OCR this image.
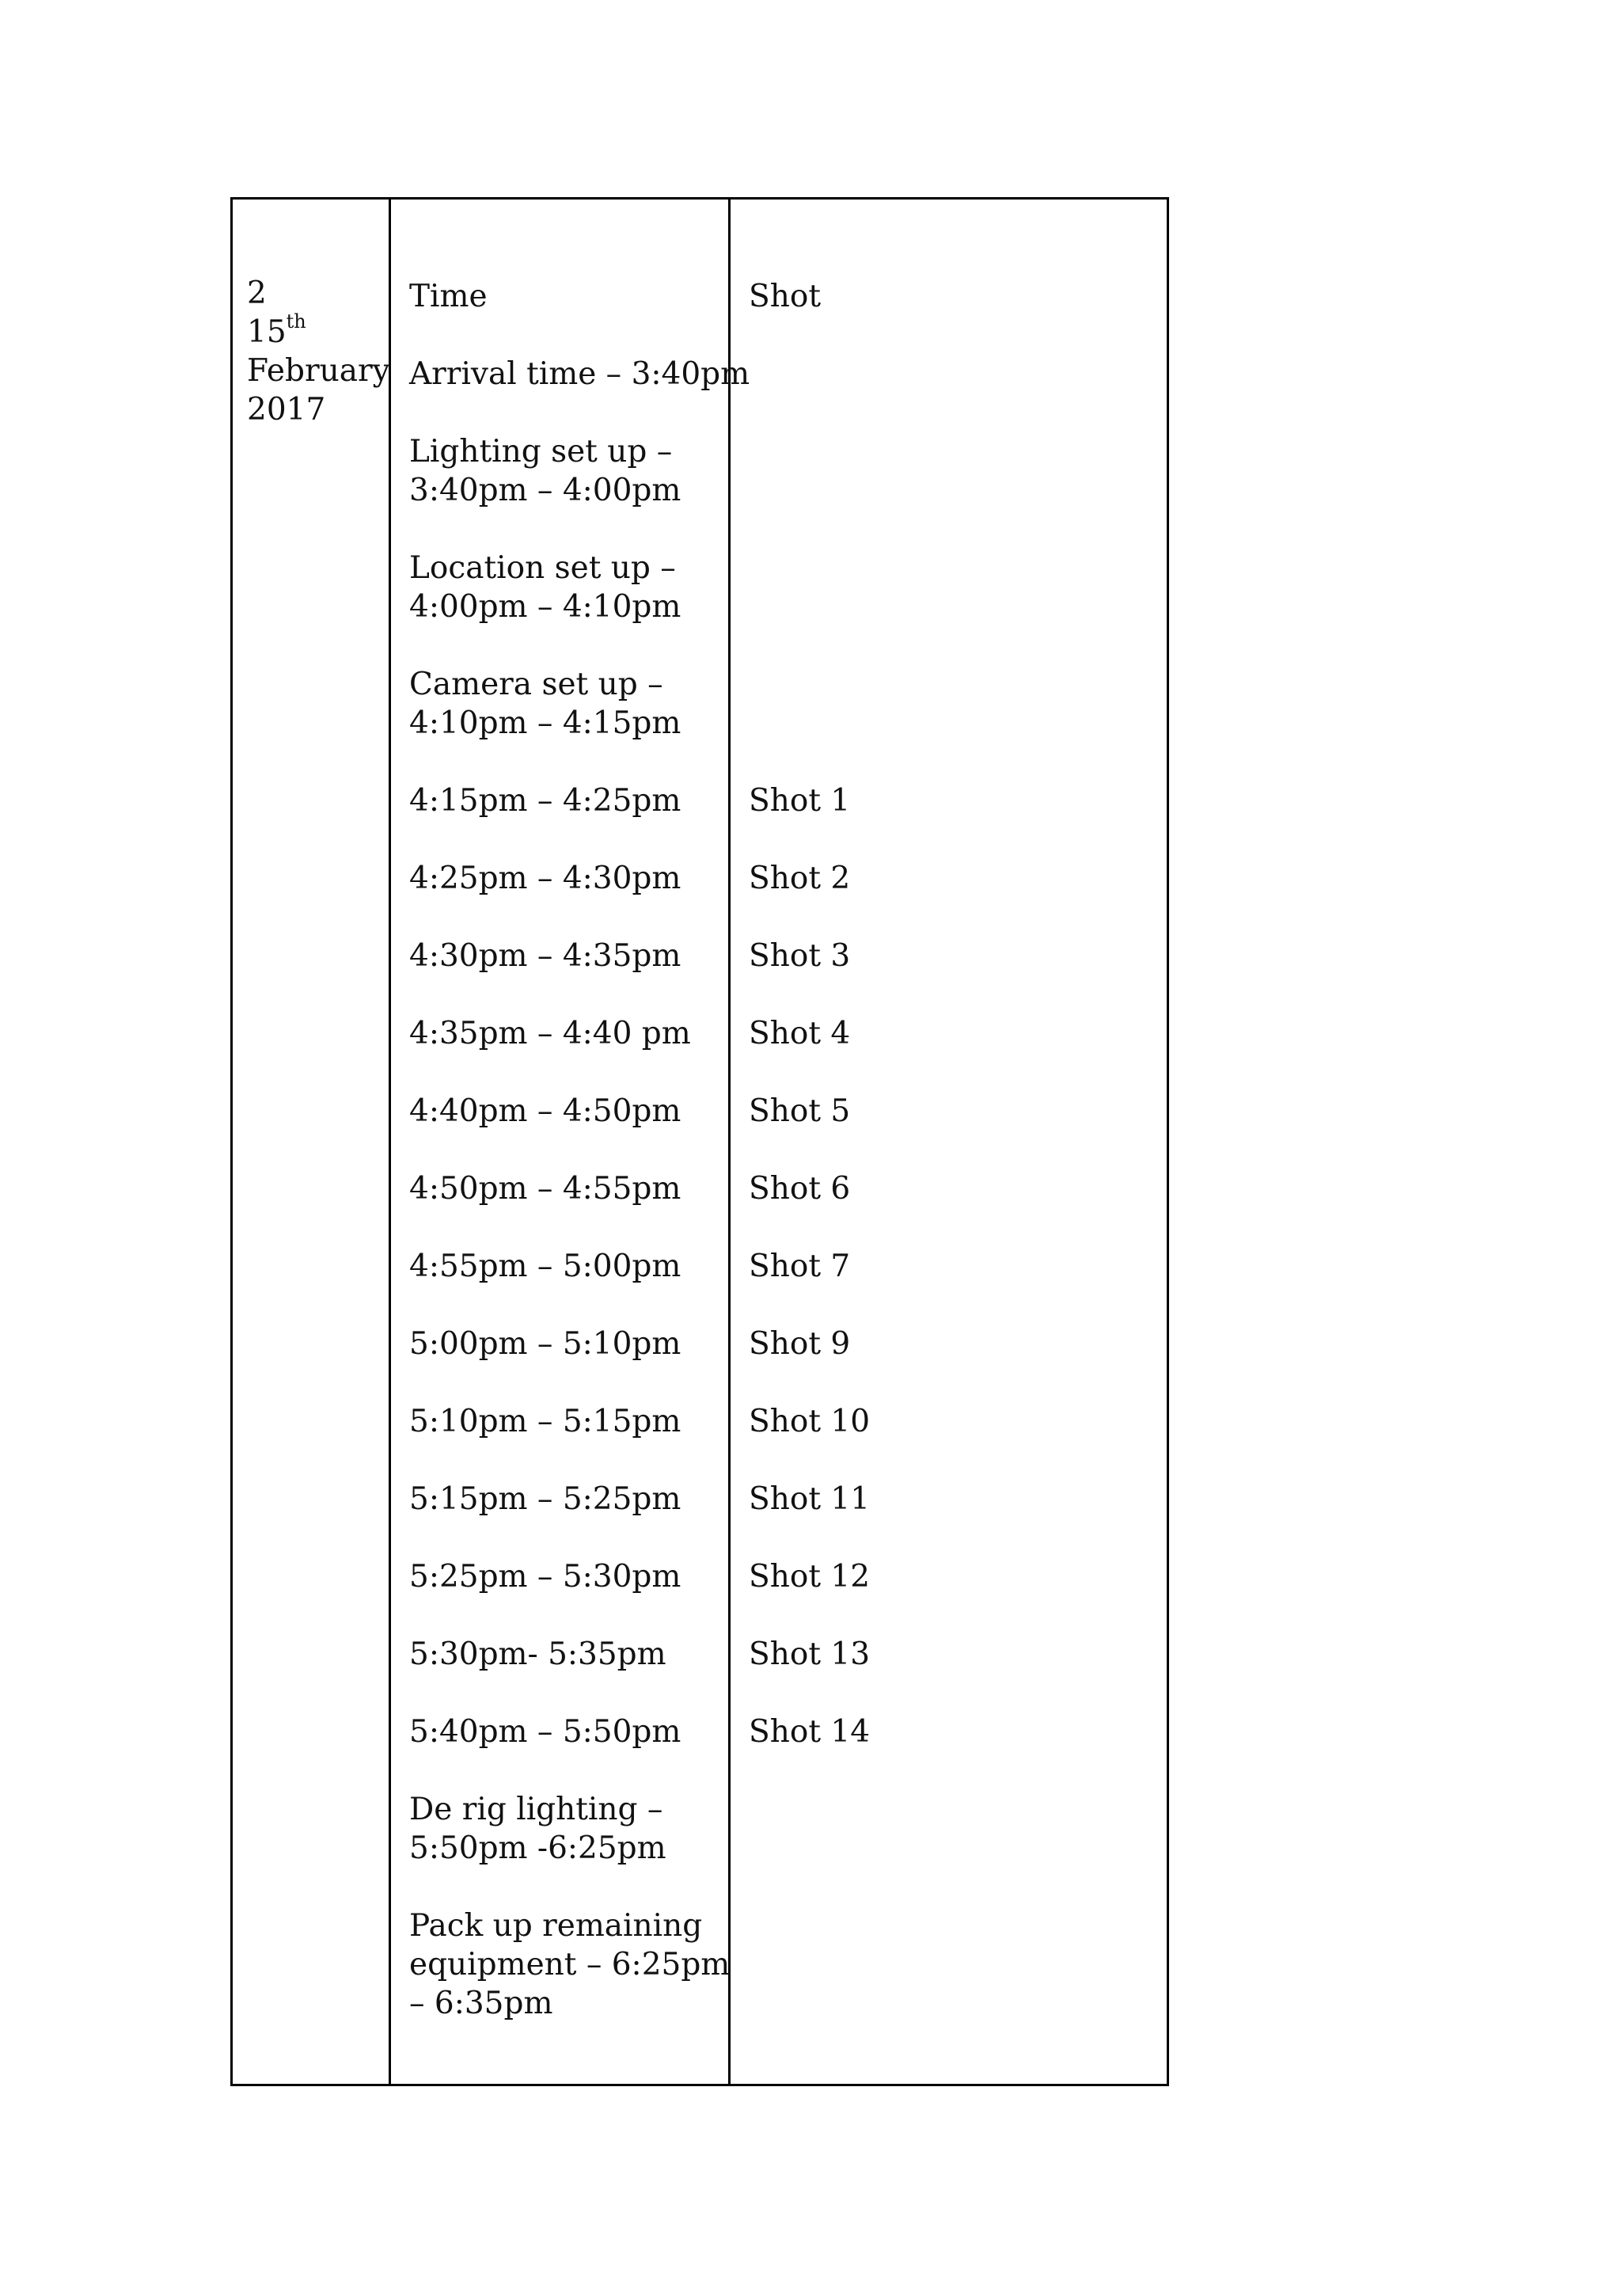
2
15th
February
2017
Time	Shot
Arrival time – 3:40pm
Lighting set up –
3:40pm – 4:00pm
Location set up –
4:00pm – 4:10pm
Camera set up –
4:10pm – 4:15pm
4:15pm – 4:25pm Shot 1
4:25pm – 4:30pm Shot 2
4:30pm – 4:35pm Shot 3
4:35pm – 4:40 pm Shot 4
4:40pm – 4:50pm Shot 5
4:50pm – 4:55pm Shot 6
4:55pm – 5:00pm Shot 7
5:00pm – 5:10pm Shot 9
5:10pm – 5:15pm Shot 10
5:15pm – 5:25pm Shot 11
5:25pm – 5:30pm Shot 12
5:30pm- 5:35pm	Shot 13
5:40pm – 5:50pm Shot 14
De rig lighting –
5:50pm -6:25pm
Pack up remaining
equipment – 6:25pm
– 6:35pm
